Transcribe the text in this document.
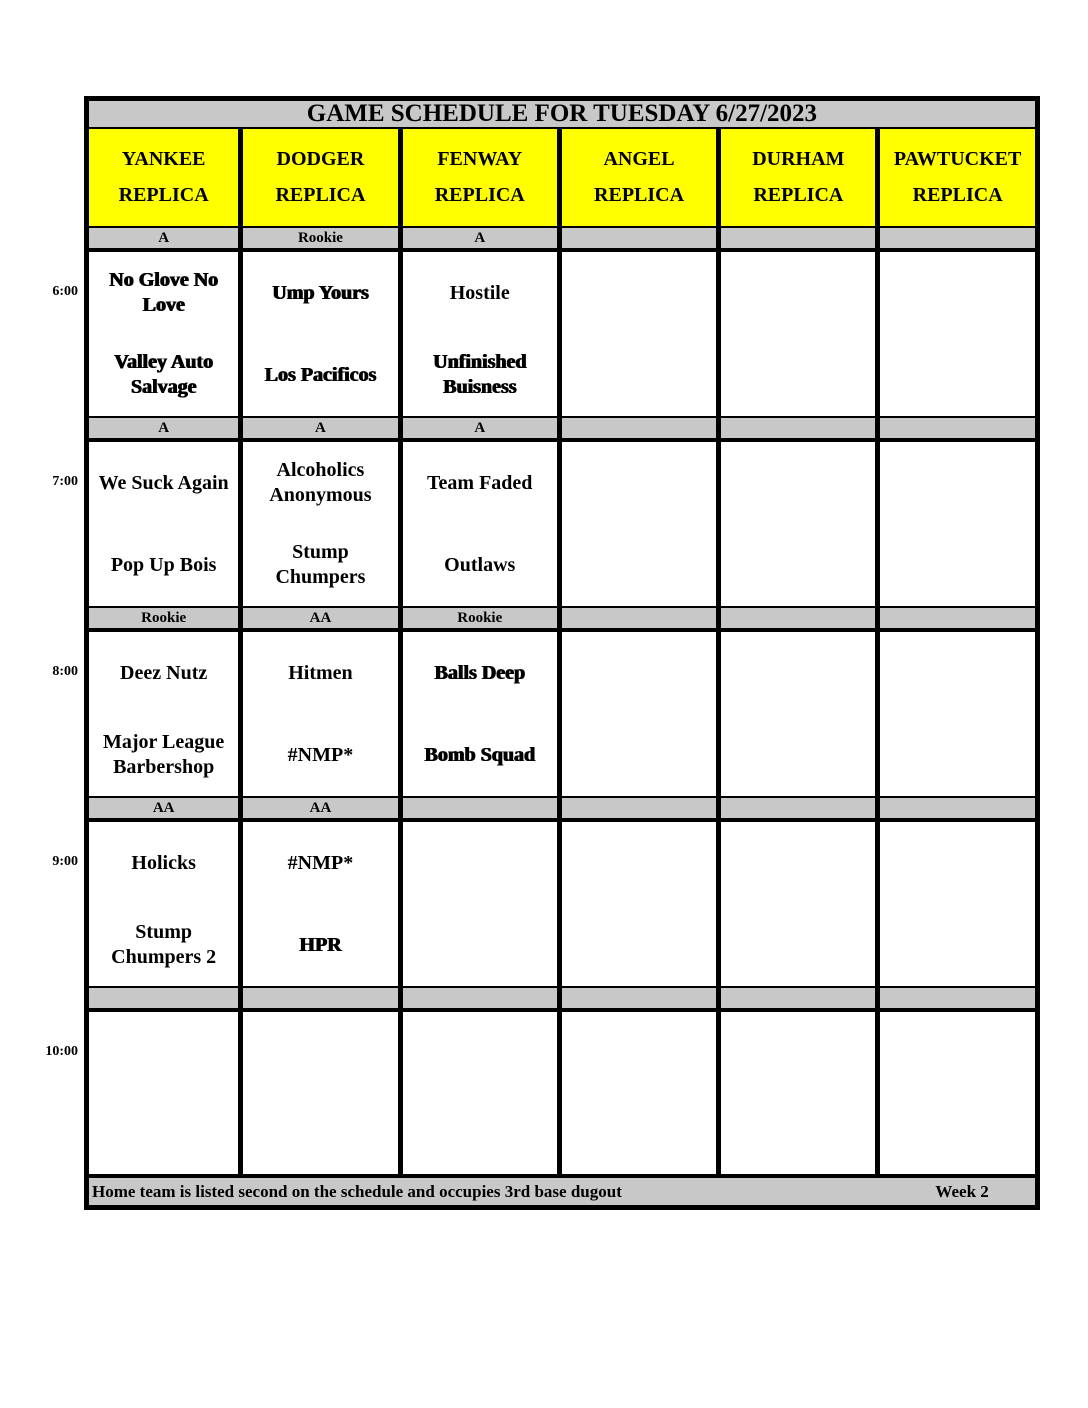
GAME SCHEDULE FOR TUESDAY 6/27/2023
YANKEE
REPLICA
DODGER
REPLICA
FENWAY
REPLICA
ANGEL
REPLICA
DURHAM
REPLICA
PAWTUCKET
REPLICA
6:00
A
No Glove No Love
Valley Auto Salvage
Rookie
Ump Yours
Los Pacificos
A
Hostile
Unfinished Buisness
7:00
A
We Suck Again
Pop Up Bois
A
Alcoholics Anonymous
Stump Chumpers
A
Team Faded
Outlaws
8:00
Rookie
Deez Nutz
Major League Barbershop
AA
Hitmen
#NMP*
Rookie
Balls Deep
Bomb Squad
9:00
AA
Holicks
Stump Chumpers 2
AA
#NMP*
HPR
10:00
Home team is listed second on the schedule and occupies 3rd base dugout	Week 2
